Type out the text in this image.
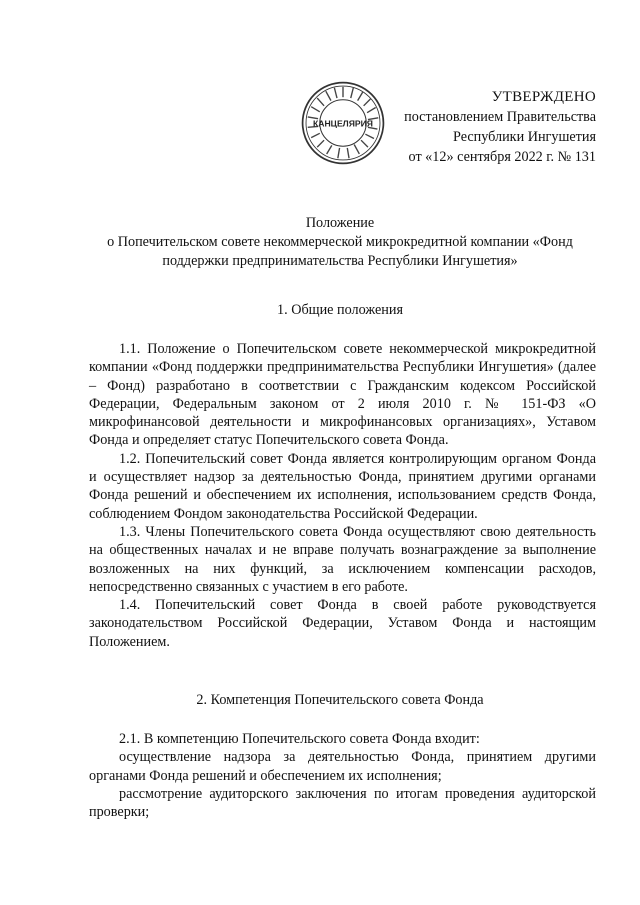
КАНЦЕЛЯРИЯ
УТВЕРЖДЕНО
постановлением Правительства
Республики Ингушетия
от «12» сентября 2022 г. № 131
Положение
о Попечительском совете некоммерческой микрокредитной компании «Фонд
поддержки предпринимательства Республики Ингушетия»
1. Общие положения

1.1. Положение о Попечительском совете некоммерческой микрокредитной компании «Фонд поддержки предпринимательства Республики Ингушетия» (далее – Фонд) разработано в соответствии с Гражданским кодексом Российской Федерации, Федеральным законом от 2 июля 2010 г. № 151-ФЗ «О микрофинансовой деятельности и микрофинансовых организациях», Уставом Фонда и определяет статус Попечительского совета Фонда.

1.2. Попечительский совет Фонда является контролирующим органом Фонда и осуществляет надзор за деятельностью Фонда, принятием другими органами Фонда решений и обеспечением их исполнения, использованием средств Фонда, соблюдением Фондом законодательства Российской Федерации.

1.3. Члены Попечительского совета Фонда осуществляют свою деятельность на общественных началах и не вправе получать вознаграждение за выполнение возложенных на них функций, за исключением компенсации расходов, непосредственно связанных с участием в его работе.

1.4. Попечительский совет Фонда в своей работе руководствуется законодательством Российской Федерации, Уставом Фонда и настоящим Положением.

2. Компетенция Попечительского совета Фонда

2.1. В компетенцию Попечительского совета Фонда входит:

осуществление надзора за деятельностью Фонда, принятием другими органами Фонда решений и обеспечением их исполнения;

рассмотрение аудиторского заключения по итогам проведения аудиторской проверки;
